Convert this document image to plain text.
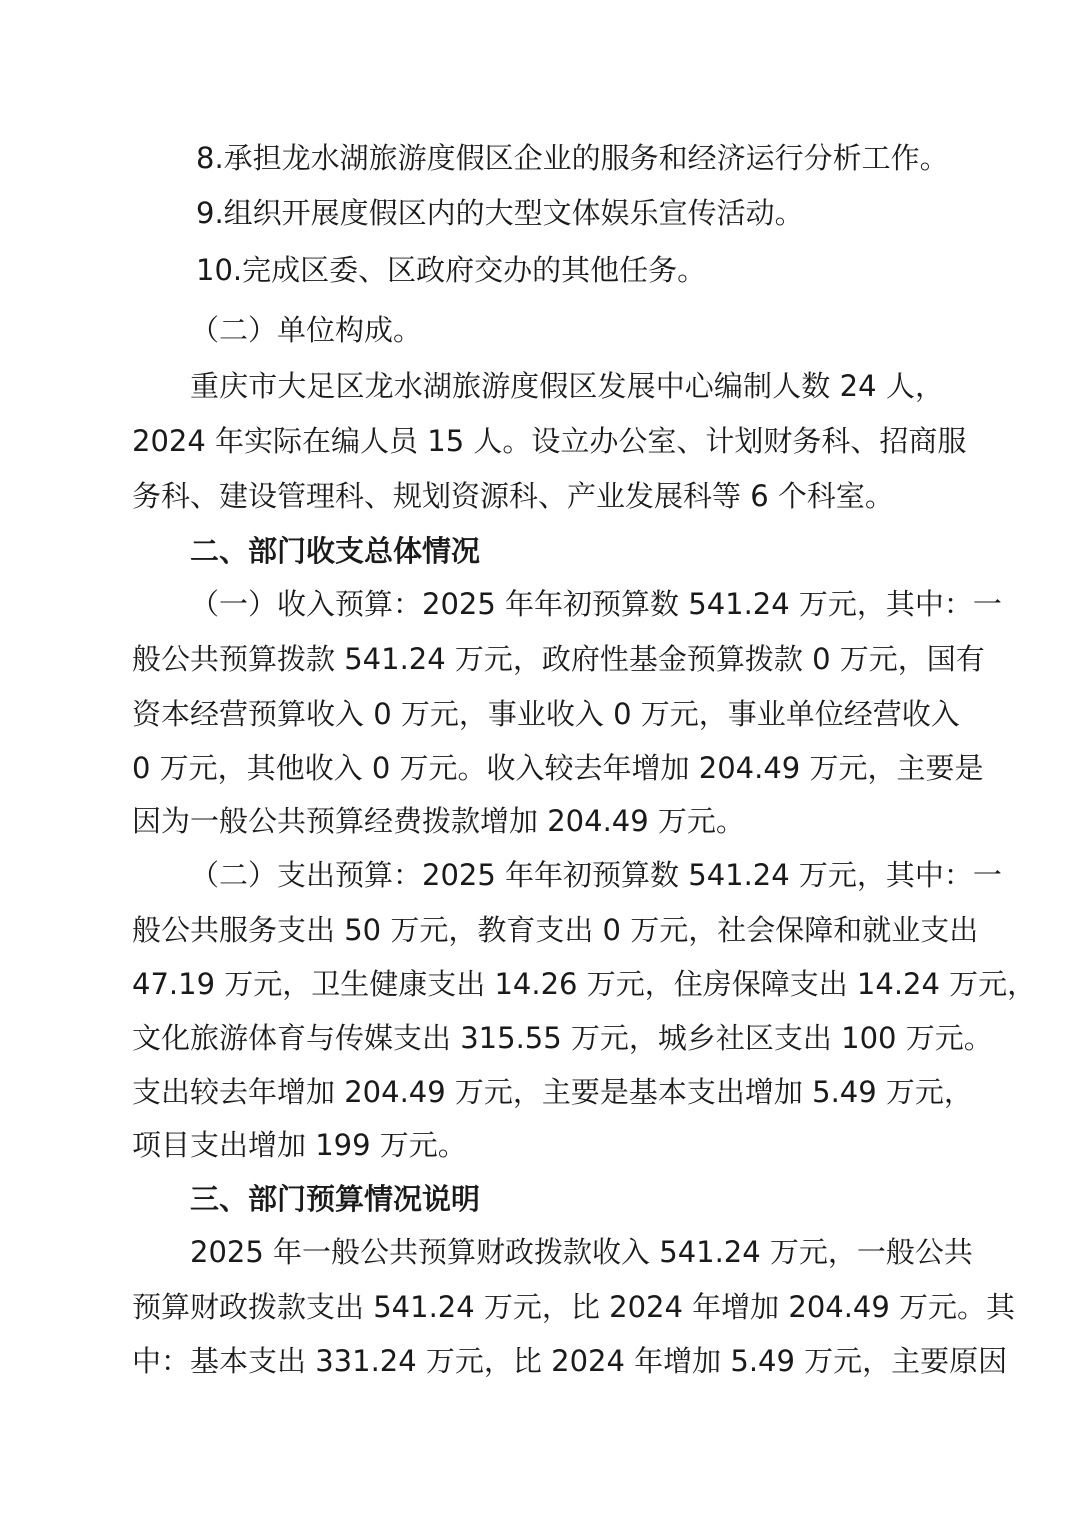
8.承担龙水湖旅游度假区企业的服务和经济运行分析工作。
9.组织开展度假区内的大型文体娱乐宣传活动。
10.完成区委、区政府交办的其他任务。
（二）单位构成。
重庆市大足区龙水湖旅游度假区发展中心编制人数 24 人，
2024 年实际在编人员 15 人。设立办公室、计划财务科、招商服
务科、建设管理科、规划资源科、产业发展科等 6 个科室。
二、部门收支总体情况
（一）收入预算：2025 年年初预算数 541.24 万元，其中：一
般公共预算拨款 541.24 万元，政府性基金预算拨款 0 万元，国有
资本经营预算收入 0 万元，事业收入 0 万元，事业单位经营收入
0 万元，其他收入 0 万元。收入较去年增加 204.49 万元，主要是
因为一般公共预算经费拨款增加 204.49 万元。
（二）支出预算：2025 年年初预算数 541.24 万元，其中：一
般公共服务支出 50 万元，教育支出 0 万元，社会保障和就业支出
47.19 万元，卫生健康支出 14.26 万元，住房保障支出 14.24 万元，
文化旅游体育与传媒支出 315.55 万元，城乡社区支出 100 万元。
支出较去年增加 204.49 万元，主要是基本支出增加 5.49 万元，
项目支出增加 199 万元。
三、部门预算情况说明
2025 年一般公共预算财政拨款收入 541.24 万元，一般公共
预算财政拨款支出 541.24 万元，比 2024 年增加 204.49 万元。其
中：基本支出 331.24 万元，比 2024 年增加 5.49 万元，主要原因
